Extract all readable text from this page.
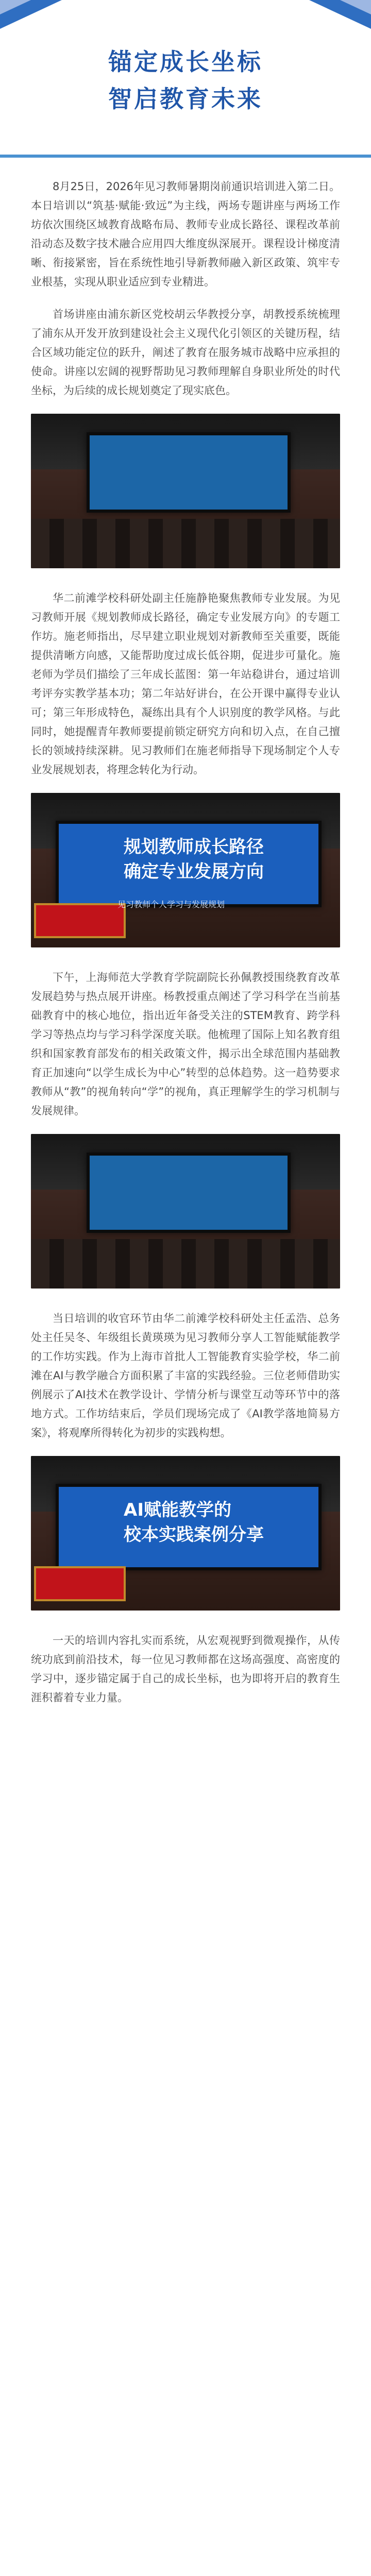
锚定成长坐标
智启教育未来

8月25日，2026年见习教师暑期岗前通识培训进入第二日。本日培训以“筑基·赋能·致远”为主线，两场专题讲座与两场工作坊依次围绕区域教育战略布局、教师专业成长路径、课程改革前沿动态及数字技术融合应用四大维度纵深展开。课程设计梯度清晰、衔接紧密，旨在系统性地引导新教师融入新区政策、筑牢专业根基，实现从职业适应到专业精进。

首场讲座由浦东新区党校胡云华教授分享，胡教授系统梳理了浦东从开发开放到建设社会主义现代化引领区的关键历程，结合区域功能定位的跃升，阐述了教育在服务城市战略中应承担的使命。讲座以宏阔的视野帮助见习教师理解自身职业所处的时代坐标，为后续的成长规划奠定了现实底色。

华二前滩学校科研处副主任施静艳聚焦教师专业发展。为见习教师开展《规划教师成长路径，确定专业发展方向》的专题工作坊。施老师指出，尽早建立职业规划对新教师至关重要，既能提供清晰方向感，又能帮助度过成长低谷期，促进步可量化。施老师为学员们描绘了三年成长蓝图：第一年站稳讲台，通过培训考评夯实教学基本功；第二年站好讲台，在公开课中赢得专业认可；第三年形成特色，凝练出具有个人识别度的教学风格。与此同时，她提醒青年教师要提前锁定研究方向和切入点，在自己擅长的领域持续深耕。见习教师们在施老师指导下现场制定个人专业发展规划表，将理念转化为行动。

规划教师成长路径
确定专业发展方向
见习教师个人学习与发展规划

下午，上海师范大学教育学院副院长孙佩教授围绕教育改革发展趋势与热点展开讲座。杨教授重点阐述了学习科学在当前基础教育中的核心地位，指出近年备受关注的STEM教育、跨学科学习等热点均与学习科学深度关联。他梳理了国际上知名教育组织和国家教育部发布的相关政策文件，揭示出全球范围内基础教育正加速向“以学生成长为中心”转型的总体趋势。这一趋势要求教师从“教”的视角转向“学”的视角，真正理解学生的学习机制与发展规律。

当日培训的收官环节由华二前滩学校科研处主任孟浩、总务处主任吴冬、年级组长黄瑛瑛为见习教师分享人工智能赋能教学的工作坊实践。作为上海市首批人工智能教育实验学校，华二前滩在AI与教学融合方面积累了丰富的实践经验。三位老师借助实例展示了AI技术在教学设计、学情分析与课堂互动等环节中的落地方式。工作坊结束后，学员们现场完成了《AI教学落地简易方案》，将观摩所得转化为初步的实践构想。

AI赋能教学的
校本实践案例分享

一天的培训内容扎实而系统，从宏观视野到微观操作，从传统功底到前沿技术，每一位见习教师都在这场高强度、高密度的学习中，逐步锚定属于自己的成长坐标，也为即将开启的教育生涯积蓄着专业力量。
